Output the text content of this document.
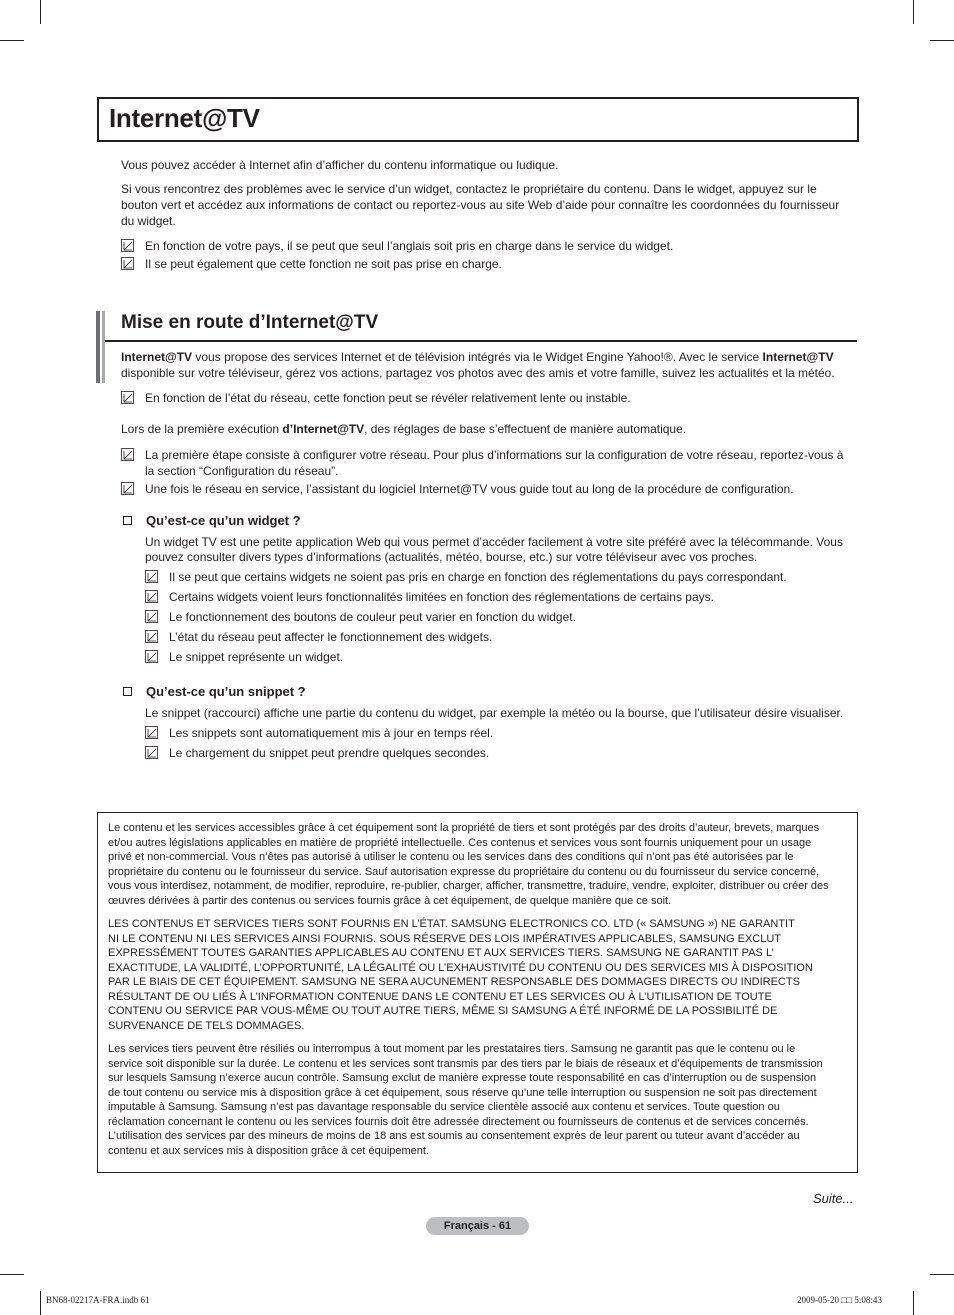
Internet@TV
Vous pouvez accéder à Internet afin d’afficher du contenu informatique ou ludique.
Si vous rencontrez des problèmes avec le service d’un widget, contactez le propriétaire du contenu. Dans le widget, appuyez sur le
bouton vert et accédez aux informations de contact ou reportez-vous au site Web d’aide pour connaître les coordonnées du fournisseur
du widget.
En fonction de votre pays, il se peut que seul l’anglais soit pris en charge dans le service du widget.
Il se peut également que cette fonction ne soit pas prise en charge.
Mise en route d’Internet@TV
Internet@TV vous propose des services Internet et de télévision intégrés via le Widget Engine Yahoo!®. Avec le service Internet@TV
disponible sur votre téléviseur, gérez vos actions, partagez vos photos avec des amis et votre famille, suivez les actualités et la météo.
En fonction de l’état du réseau, cette fonction peut se révéler relativement lente ou instable.
Lors de la première exécution d’Internet@TV, des réglages de base s’effectuent de manière automatique.
La première étape consiste à configurer votre réseau. Pour plus d’informations sur la configuration de votre réseau, reportez-vous à
la section “Configuration du réseau”.
Une fois le réseau en service, l’assistant du logiciel Internet@TV vous guide tout au long de la procédure de configuration.
Qu’est-ce qu’un widget ?
Un widget TV est une petite application Web qui vous permet d’accéder facilement à votre site préféré avec la télécommande. Vous
pouvez consulter divers types d’informations (actualités, météo, bourse, etc.) sur votre téléviseur avec vos proches.
Il se peut que certains widgets ne soient pas pris en charge en fonction des réglementations du pays correspondant.
Certains widgets voient leurs fonctionnalités limitées en fonction des réglementations de certains pays.
Le fonctionnement des boutons de couleur peut varier en fonction du widget.
L’état du réseau peut affecter le fonctionnement des widgets.
Le snippet représente un widget.
Qu’est-ce qu’un snippet ?
Le snippet (raccourci) affiche une partie du contenu du widget, par exemple la météo ou la bourse, que l’utilisateur désire visualiser.
Les snippets sont automatiquement mis à jour en temps réel.
Le chargement du snippet peut prendre quelques secondes.
Le contenu et les services accessibles grâce à cet équipement sont la propriété de tiers et sont protégés par des droits d’auteur, brevets, marques
et/ou autres législations applicables en matière de propriété intellectuelle. Ces contenus et services vous sont fournis uniquement pour un usage
privé et non-commercial. Vous n’êtes pas autorisé à utiliser le contenu ou les services dans des conditions qui n’ont pas été autorisées par le
propriétaire du contenu ou le fournisseur du service. Sauf autorisation expresse du propriétaire du contenu ou du fournisseur du service concerné,
vous vous interdisez, notamment, de modifier, reproduire, re-publier, charger, afficher, transmettre, traduire, vendre, exploiter, distribuer ou créer des
œuvres dérivées à partir des contenus ou services fournis grâce à cet équipement, de quelque manière que ce soit.
LES CONTENUS ET SERVICES TIERS SONT FOURNIS EN L’ÉTAT. SAMSUNG ELECTRONICS CO. LTD (« SAMSUNG ») NE GARANTIT
NI LE CONTENU NI LES SERVICES AINSI FOURNIS. SOUS RÉSERVE DES LOIS IMPÉRATIVES APPLICABLES, SAMSUNG EXCLUT
EXPRESSÉMENT TOUTES GARANTIES APPLICABLES AU CONTENU ET AUX SERVICES TIERS. SAMSUNG NE GARANTIT PAS L’
EXACTITUDE, LA VALIDITÉ, L’OPPORTUNITÉ, LA LÉGALITÉ OU L’EXHAUSTIVITÉ DU CONTENU OU DES SERVICES MIS À DISPOSITION
PAR LE BIAIS DE CET ÉQUIPEMENT. SAMSUNG NE SERA AUCUNEMENT RESPONSABLE DES DOMMAGES DIRECTS OU INDIRECTS
RÉSULTANT DE OU LIÉS À L’INFORMATION CONTENUE DANS LE CONTENU ET LES SERVICES OU À L’UTILISATION DE TOUTE
CONTENU OU SERVICE PAR VOUS-MÊME OU TOUT AUTRE TIERS, MÊME SI SAMSUNG A ÉTÉ INFORMÉ DE LA POSSIBILITÉ DE
SURVENANCE DE TELS DOMMAGES.
Les services tiers peuvent être résiliés ou interrompus à tout moment par les prestataires tiers. Samsung ne garantit pas que le contenu ou le
service soit disponible sur la durée. Le contenu et les services sont transmis par des tiers par le biais de réseaux et d’équipements de transmission
sur lesquels Samsung n’exerce aucun contrôle. Samsung exclut de manière expresse toute responsabilité en cas d’interruption ou de suspension
de tout contenu ou service mis à disposition grâce à cet équipement, sous réserve qu’une telle interruption ou suspension ne soit pas directement
imputable à Samsung. Samsung n’est pas davantage responsable du service clientèle associé aux contenu et services. Toute question ou
réclamation concernant le contenu ou les services fournis doit être adressée directement ou fournisseurs de contenus et de services concernés.
L’utilisation des services par des mineurs de moins de 18 ans est soumis au consentement exprès de leur parent ou tuteur avant d’accéder au
contenu et aux services mis à disposition grâce à cet équipement.
Suite...
Français - 61
BN68-02217A-FRA.indb 61	2009-05-20 □□ 5:08:43
